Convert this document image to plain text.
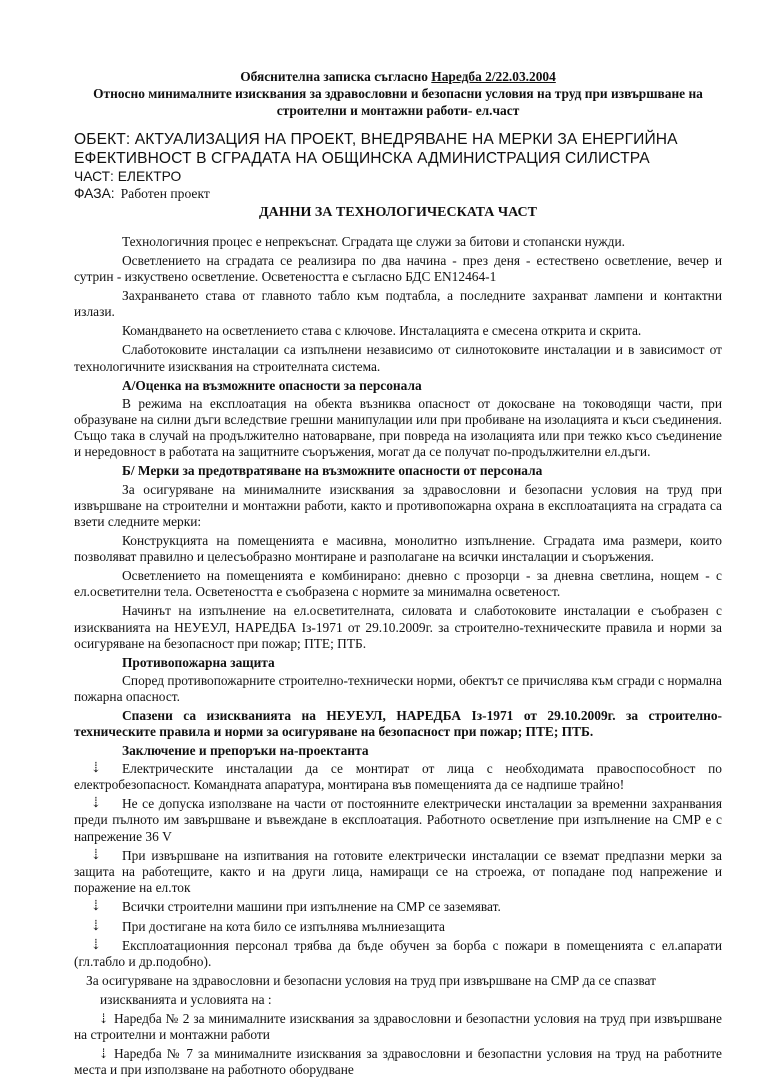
Обяснителна записка съгласно Наредба 2/22.03.2004
Относно минималните изисквания за здравословни и безопасни условия на труд при извършване на
строителни и монтажни работи- ел.част
ОБЕКТ: АКТУАЛИЗАЦИЯ НА ПРОЕКТ, ВНЕДРЯВАНЕ НА МЕРКИ ЗА ЕНЕРГИЙНА
ЕФЕКТИВНОСТ В СГРАДАТА НА ОБЩИНСКА АДМИНИСТРАЦИЯ СИЛИСТРА
ЧАСТ: ЕЛЕКТРО
ФАЗА: Работен проект
ДАННИ ЗА ТЕХНОЛОГИЧЕСКАТА ЧАСТ
Технологичния процес е непрекъснат. Сградата ще служи за битови и стопански нужди.
Осветлението на сградата се реализира по два начина - през деня - естествено осветление, вечер и сутрин - изкуствено осветление. Осветеността е съгласно БДС EN12464-1
Захранването става от главното табло към подтабла, а последните захранват лампени и контактни излази.
Командването на осветлението става с ключове. Инсталацията е смесена открита и скрита.
Слаботоковите инсталации са изпълнени независимо от силнотоковите инсталации и в зависимост от технологичните изисквания на строителната система.
А/Оценка на възможните опасности за персонала
В режима на експлоатация на обекта възниква опасност от докосване на тоководящи части, при образуване на силни дъги вследствие грешни манипулации или при пробиване на изолацията и къси съединения. Също така в случай на продължително натоварване, при повреда на изолацията или при тежко късо съединение и нередовност в работата на защитните съоръжения, могат да се получат по-продължителни ел.дъги.
Б/ Мерки за предотвратяване на възможните опасности от персонала
За осигуряване на минималните изисквания за здравословни и безопасни условия на труд при извършване на строителни и монтажни работи, както и противопожарна охрана в експлоатацията на сградата са взети следните мерки:
Конструкцията на помещенията е масивна, монолитно изпълнение. Сградата има размери, които позволяват правилно и целесъобразно монтиране и разполагане на всички инсталации и съоръжения.
Осветлението на помещенията е комбинирано: дневно с прозорци - за дневна светлина, нощем - с ел.осветителни тела. Осветеността е съобразена с нормите за минимална осветеност.
Начинът на изпълнение на ел.осветителната, силовата и слаботоковите инсталации е съобразен с изискванията на НЕУЕУЛ, НАРЕДБА Iз-1971 от 29.10.2009г. за строително-техническите правила и норми за осигуряване на безопасност при пожар; ПТЕ; ПТБ.
Противопожарна защита
Според противопожарните строително-технически норми, обектът се причислява към сгради с нормална пожарна опасност.
Спазени са изискванията на НЕУЕУЛ, НАРЕДБА Iз-1971 от 29.10.2009г. за строително-техническите правила и норми за осигуряване на безопасност при пожар; ПТЕ; ПТБ.
Заключение и препоръки на-проектанта
⇣ Електрическите инсталации да се монтират от лица с необходимата правоспособност по електробезопасност. Командната апаратура, монтирана във помещенията да се надпише трайно!
⇣ Не се допуска използване на части от постоянните електрически инсталации за временни захранвания преди пълното им завършване и въвеждане в експлоатация. Работното осветление при изпълнение на СМР е с напрежение 36 V
⇣ При извършване на изпитвания на готовите електрически инсталации се вземат предпазни мерки за защита на работещите, както и на други лица, намиращи се на строежа, от попадане под напрежение и поражение на ел.ток
⇣ Всички строителни машини при изпълнение на СМР се заземяват.
⇣ При достигане на кота било се изпълнява мълниезащита
⇣ Експлоатационния персонал трябва да бъде обучен за борба с пожари в помещенията с ел.апарати (гл.табло и др.подобно).
За осигуряване на здравословни и безопасни условия на труд при извършване на СМР да се спазват
изискванията и условията на :
⇣ Наредба № 2 за минималните изисквания за здравословни и безопастни условия на труд при извършване на строителни и монтажни работи
⇣ Наредба № 7 за минималните изисквания за здравословни и безопастни условия на труд на работните места и при използване на работното оборудване
